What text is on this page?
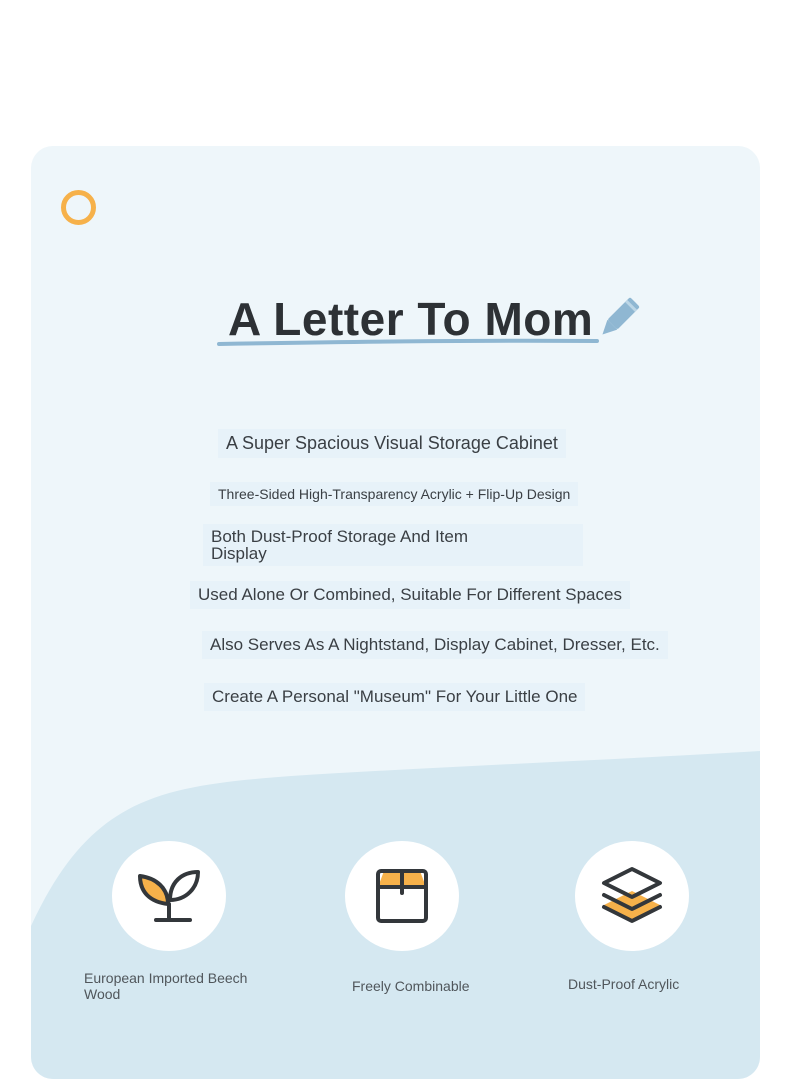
A Letter To Mom

A Super Spacious Visual Storage Cabinet

Three-Sided High-Transparency Acrylic + Flip-Up Design

Both Dust-Proof Storage And Item Display

Used Alone Or Combined, Suitable For Different Spaces

Also Serves As A Nightstand, Display Cabinet, Dresser, Etc.

Create A Personal "Museum" For Your Little One

European Imported Beech Wood	Freely Combinable	Dust-Proof Acrylic
